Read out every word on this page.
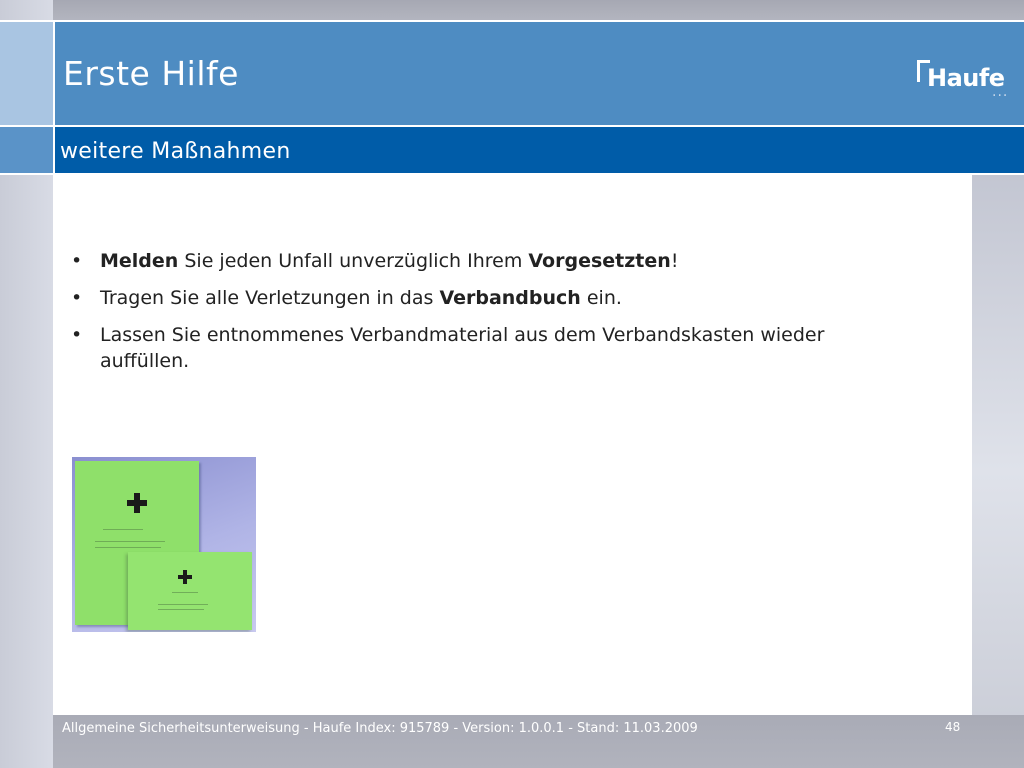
Erste Hilfe	Haufe
···
weitere Maßnahmen
• Melden Sie jeden Unfall unverzüglich Ihrem Vorgesetzten!
• Tragen Sie alle Verletzungen in das Verbandbuch ein.
• Lassen Sie entnommenes Verbandmaterial aus dem Verbandskasten wieder auffüllen.
Allgemeine Sicherheitsunterweisung - Haufe Index: 915789 - Version: 1.0.0.1 - Stand: 11.03.2009	48
